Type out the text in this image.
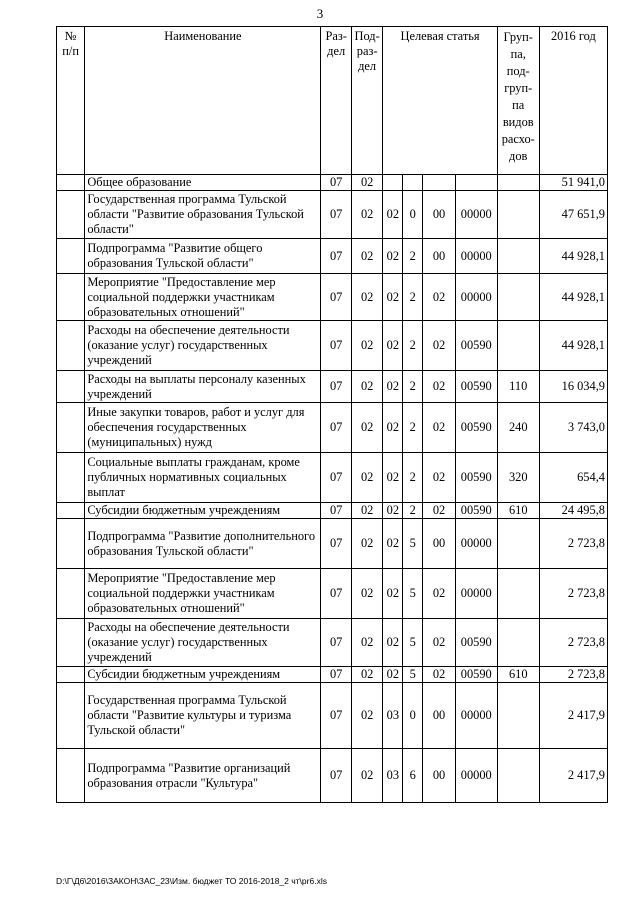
3
№ п/п	Наименование	Раз-дел	Под-раз-дел	Целевая статья				Груп-па, под-груп-па видов расхо-дов	2016 год
	Общее образование	07	02						51 941,0
	Государственная программа Тульской области "Развитие образования Тульской области"	07	02	02	0	00	00000		47 651,9
	Подпрограмма "Развитие общего образования Тульской области"	07	02	02	2	00	00000		44 928,1
	Мероприятие "Предоставление мер социальной поддержки участникам образовательных отношений"	07	02	02	2	02	00000		44 928,1
	Расходы на обеспечение деятельности (оказание услуг) государственных учреждений	07	02	02	2	02	00590		44 928,1
	Расходы на выплаты персоналу казенных учреждений	07	02	02	2	02	00590	110	16 034,9
	Иные закупки товаров, работ и услуг для обеспечения государственных (муниципальных) нужд	07	02	02	2	02	00590	240	3 743,0
	Социальные выплаты гражданам, кроме публичных нормативных социальных выплат	07	02	02	2	02	00590	320	654,4
	Субсидии бюджетным учреждениям	07	02	02	2	02	00590	610	24 495,8
	Подпрограмма "Развитие дополнительного образования Тульской области"	07	02	02	5	00	00000		2 723,8
	Мероприятие "Предоставление мер социальной поддержки участникам образовательных отношений"	07	02	02	5	02	00000		2 723,8
	Расходы на обеспечение деятельности (оказание услуг) государственных учреждений	07	02	02	5	02	00590		2 723,8
	Субсидии бюджетным учреждениям	07	02	02	5	02	00590	610	2 723,8
	Государственная программа Тульской области "Развитие культуры и туризма Тульской области"	07	02	03	0	00	00000		2 417,9
	Подпрограмма "Развитие организаций образования отрасли "Культура"	07	02	03	6	00	00000		2 417,9
D:\Г\Д6\2016\ЗАКОН\ЗАС_23\Изм. бюджет ТО 2016-2018_2 чт\pr6.xls
